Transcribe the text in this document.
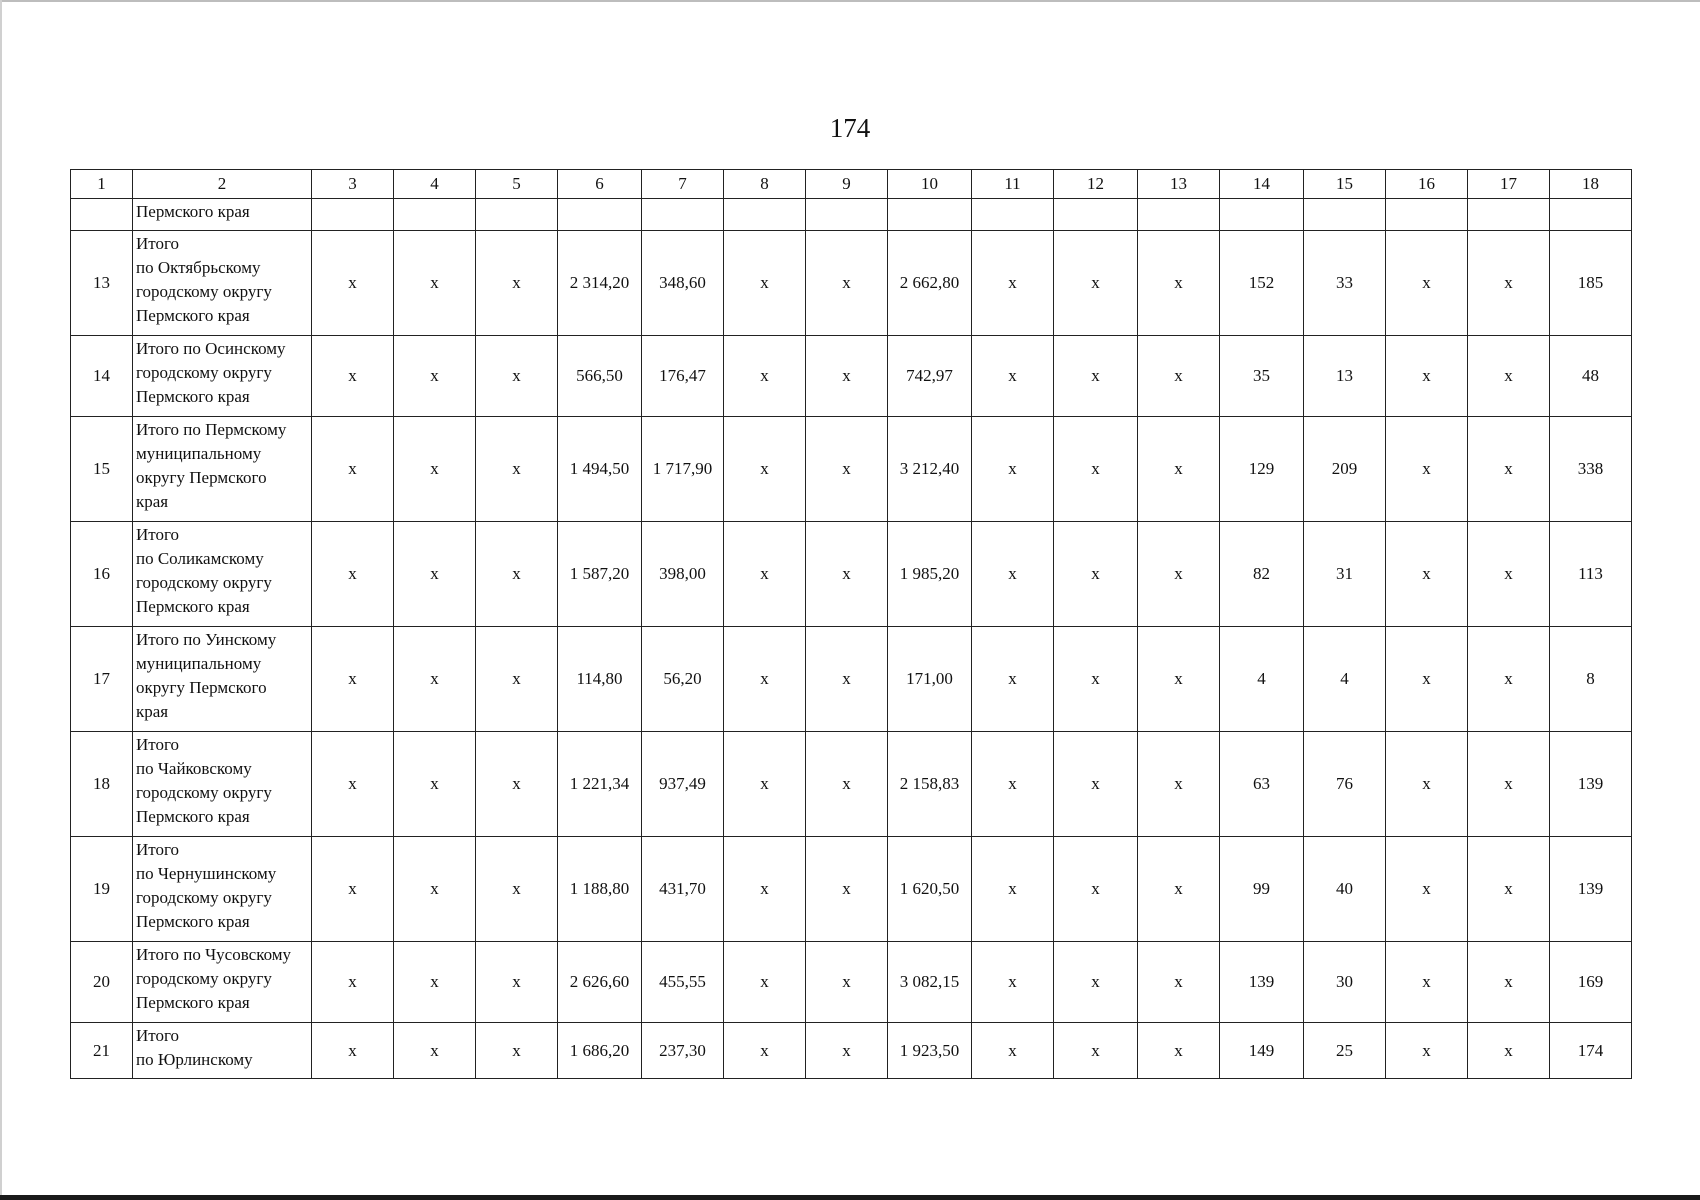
174
1	2	3	4	5	6	7	8	9	10	11	12	13	14	15	16	17	18

	Пермского края																

13	Итого
по Октябрьскому
городскому округу
Пермского края	х	х	х	2 314,20	348,60	х	х	2 662,80	х	х	х	152	33	х	х	185
14	Итого по Осинскому
городскому округу
Пермского края	х	х	х	566,50	176,47	х	х	742,97	х	х	х	35	13	х	х	48
15	Итого по Пермскому
муниципальному
округу Пермского
края	х	х	х	1 494,50	1 717,90	х	х	3 212,40	х	х	х	129	209	х	х	338
16	Итого
по Соликамскому
городскому округу
Пермского края	х	х	х	1 587,20	398,00	х	х	1 985,20	х	х	х	82	31	х	х	113
17	Итого по Уинскому
муниципальному
округу Пермского
края	х	х	х	114,80	56,20	х	х	171,00	х	х	х	4	4	х	х	8
18	Итого
по Чайковскому
городскому округу
Пермского края	х	х	х	1 221,34	937,49	х	х	2 158,83	х	х	х	63	76	х	х	139
19	Итого
по Чернушинскому
городскому округу
Пермского края	х	х	х	1 188,80	431,70	х	х	1 620,50	х	х	х	99	40	х	х	139
20	Итого по Чусовскому
городскому округу
Пермского края	х	х	х	2 626,60	455,55	х	х	3 082,15	х	х	х	139	30	х	х	169
21	Итого
по Юрлинскому	х	х	х	1 686,20	237,30	х	х	1 923,50	х	х	х	149	25	х	х	174
